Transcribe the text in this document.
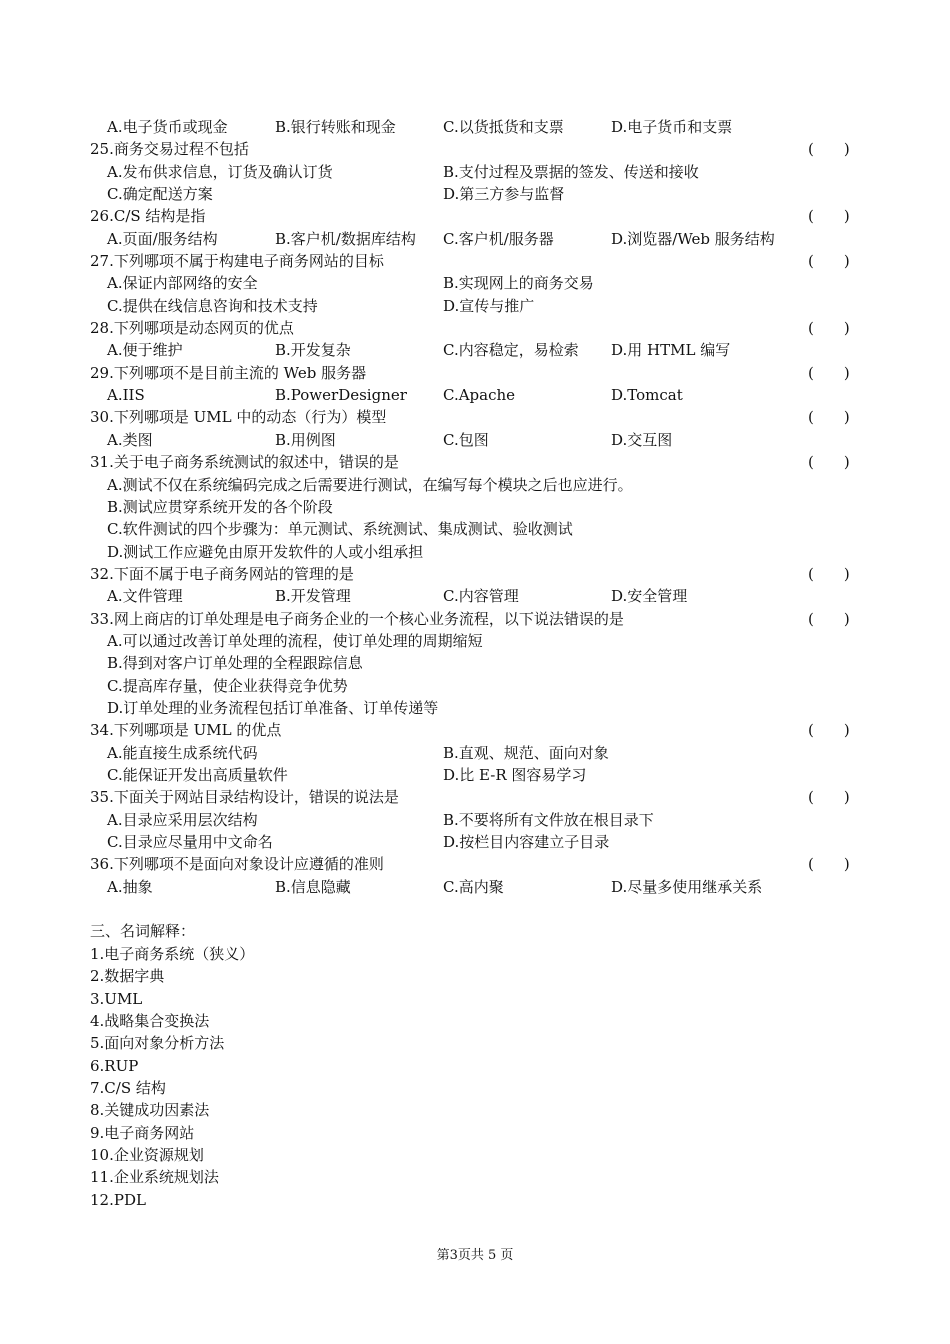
A.电子货币或现金	B.银行转账和现金	C.以货抵货和支票	D.电子货币和支票
25.商务交易过程不包括	(　　)
A.发布供求信息，订货及确认订货	B.支付过程及票据的签发、传送和接收
C.确定配送方案	D.第三方参与监督
26.C/S 结构是指	(　　)
A.页面/服务结构	B.客户机/数据库结构 C.客户机/服务器	D.浏览器/Web 服务结构
27.下列哪项不属于构建电子商务网站的目标	(　　)
A.保证内部网络的安全	B.实现网上的商务交易
C.提供在线信息咨询和技术支持	D.宣传与推广
28.下列哪项是动态网页的优点	(　　)
A.便于维护	B.开发复杂	C.内容稳定，易检索 D.用 HTML 编写
29.下列哪项不是目前主流的 Web 服务器	(　　)
A.IIS	B.PowerDesigner C.Apache	D.Tomcat
30.下列哪项是 UML 中的动态（行为）模型	(　　)
A.类图	B.用例图	C.包图	D.交互图
31.关于电子商务系统测试的叙述中，错误的是	(　　)
A.测试不仅在系统编码完成之后需要进行测试，在编写每个模块之后也应进行。
B.测试应贯穿系统开发的各个阶段
C.软件测试的四个步骤为：单元测试、系统测试、集成测试、验收测试
D.测试工作应避免由原开发软件的人或小组承担
32.下面不属于电子商务网站的管理的是	(　　)
A.文件管理	B.开发管理	C.内容管理	D.安全管理
33.网上商店的订单处理是电子商务企业的一个核心业务流程，以下说法错误的是	(　　)
A.可以通过改善订单处理的流程，使订单处理的周期缩短
B.得到对客户订单处理的全程跟踪信息
C.提高库存量，使企业获得竞争优势
D.订单处理的业务流程包括订单准备、订单传递等
34.下列哪项是 UML 的优点	(　　)
A.能直接生成系统代码	B.直观、规范、面向对象
C.能保证开发出高质量软件	D.比 E-R 图容易学习
35.下面关于网站目录结构设计，错误的说法是	(　　)
A.目录应采用层次结构	B.不要将所有文件放在根目录下
C.目录应尽量用中文命名	D.按栏目内容建立子目录
36.下列哪项不是面向对象设计应遵循的准则	(　　)
A.抽象	B.信息隐藏	C.高内聚	D.尽量多使用继承关系
三、名词解释：
1.电子商务系统（狭义）
2.数据字典
3.UML
4.战略集合变换法
5.面向对象分析方法
6.RUP
7.C/S 结构
8.关键成功因素法
9.电子商务网站
10.企业资源规划
11.企业系统规划法
12.PDL
第3页共 5 页
